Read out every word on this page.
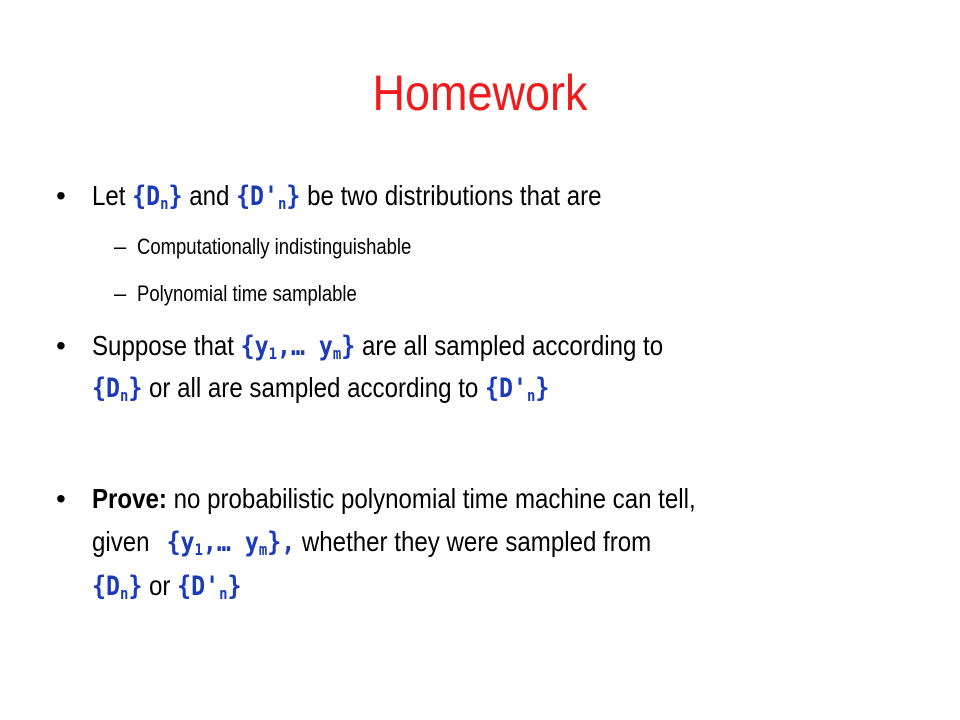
Homework
• Let $\{D_n\}$ and $\{D'_n\}$ be two distributions that are
– Computationally indistinguishable
– Polynomial time samplable
• Suppose that {$y_1,\dots$ $y_m$} are all sampled according to
$\{D_n\}$ or all are sampled according to $\{D'_n\}$
• Prove: no probabilistic polynomial time machine can tell,
given {$y_1,\dots$ $y_m$}, whether they were sampled from
$\{D_n\}$ or $\{D'_n\}$
